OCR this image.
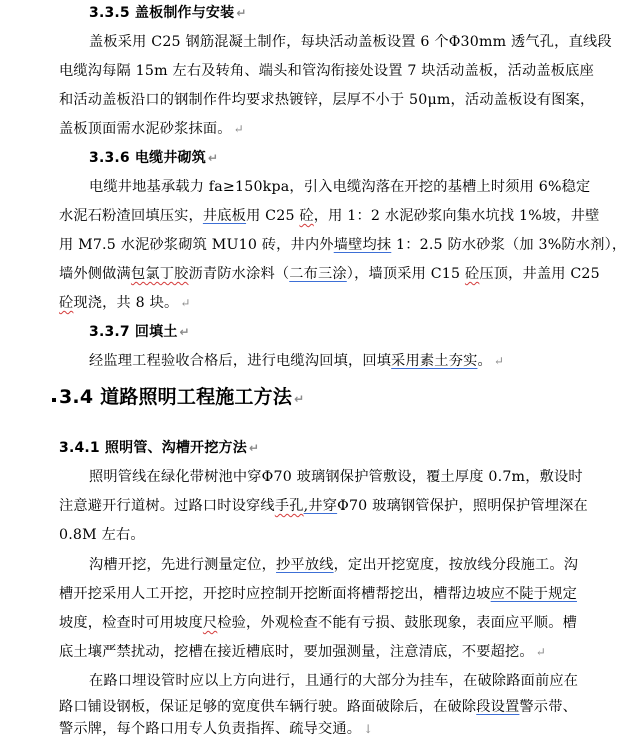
3.3.5 盖板制作与安装 ↵
盖板采用 C25 钢筋混凝土制作，每块活动盖板设置 6 个Φ30mm 透气孔，直线段
电缆沟每隔 15m 左右及转角、端头和管沟衔接处设置 7 块活动盖板，活动盖板底座
和活动盖板沿口的钢制作件均要求热镀锌，层厚不小于 50μm，活动盖板设有图案，
盖板顶面需水泥砂浆抹面。 ↵
3.3.6 电缆井砌筑 ↵
电缆井地基承载力 fa≥150kpa，引入电缆沟落在开挖的基槽上时须用 6%稳定
水泥石粉渣回填压实，井底板用 C25 砼，用 1：2 水泥砂浆向集水坑找 1%坡，井壁
用 M7.5 水泥砂浆砌筑 MU10 砖，井内外墙壁均抹 1：2.5 防水砂浆（加 3%防水剂），
墙外侧做满包氯丁胶沥青防水涂料（二布三涂），墙顶采用 C15 砼压顶，井盖用 C25
砼现浇，共 8 块。 ↵
3.3.7 回填土 ↵
经监理工程验收合格后，进行电缆沟回填，回填采用素土夯实。 ↵
3.4 道路照明工程施工方法 ↵
3.4.1 照明管、沟槽开挖方法 ↵
照明管线在绿化带树池中穿Φ70 玻璃钢保护管敷设，覆土厚度 0.7m，敷设时
注意避开行道树。过路口时设穿线手孔,井穿Φ70 玻璃钢管保护，照明保护管埋深在
0.8M 左右。
沟槽开挖，先进行测量定位，抄平放线，定出开挖宽度，按放线分段施工。沟
槽开挖采用人工开挖，开挖时应控制开挖断面将槽帮挖出，槽帮边坡应不陡于规定
坡度，检查时可用坡度尺检验，外观检查不能有亏损、鼓胀现象，表面应平顺。槽
底土壤严禁扰动，挖槽在接近槽底时，要加强测量，注意清底，不要超挖。 ↵
在路口埋设管时应以上方向进行，且通行的大部分为挂车，在破除路面前应在
路口铺设钢板，保证足够的宽度供车辆行驶。路面破除后，在破除段设置警示带、
警示牌，每个路口用专人负责指挥、疏导交通。 ↓
